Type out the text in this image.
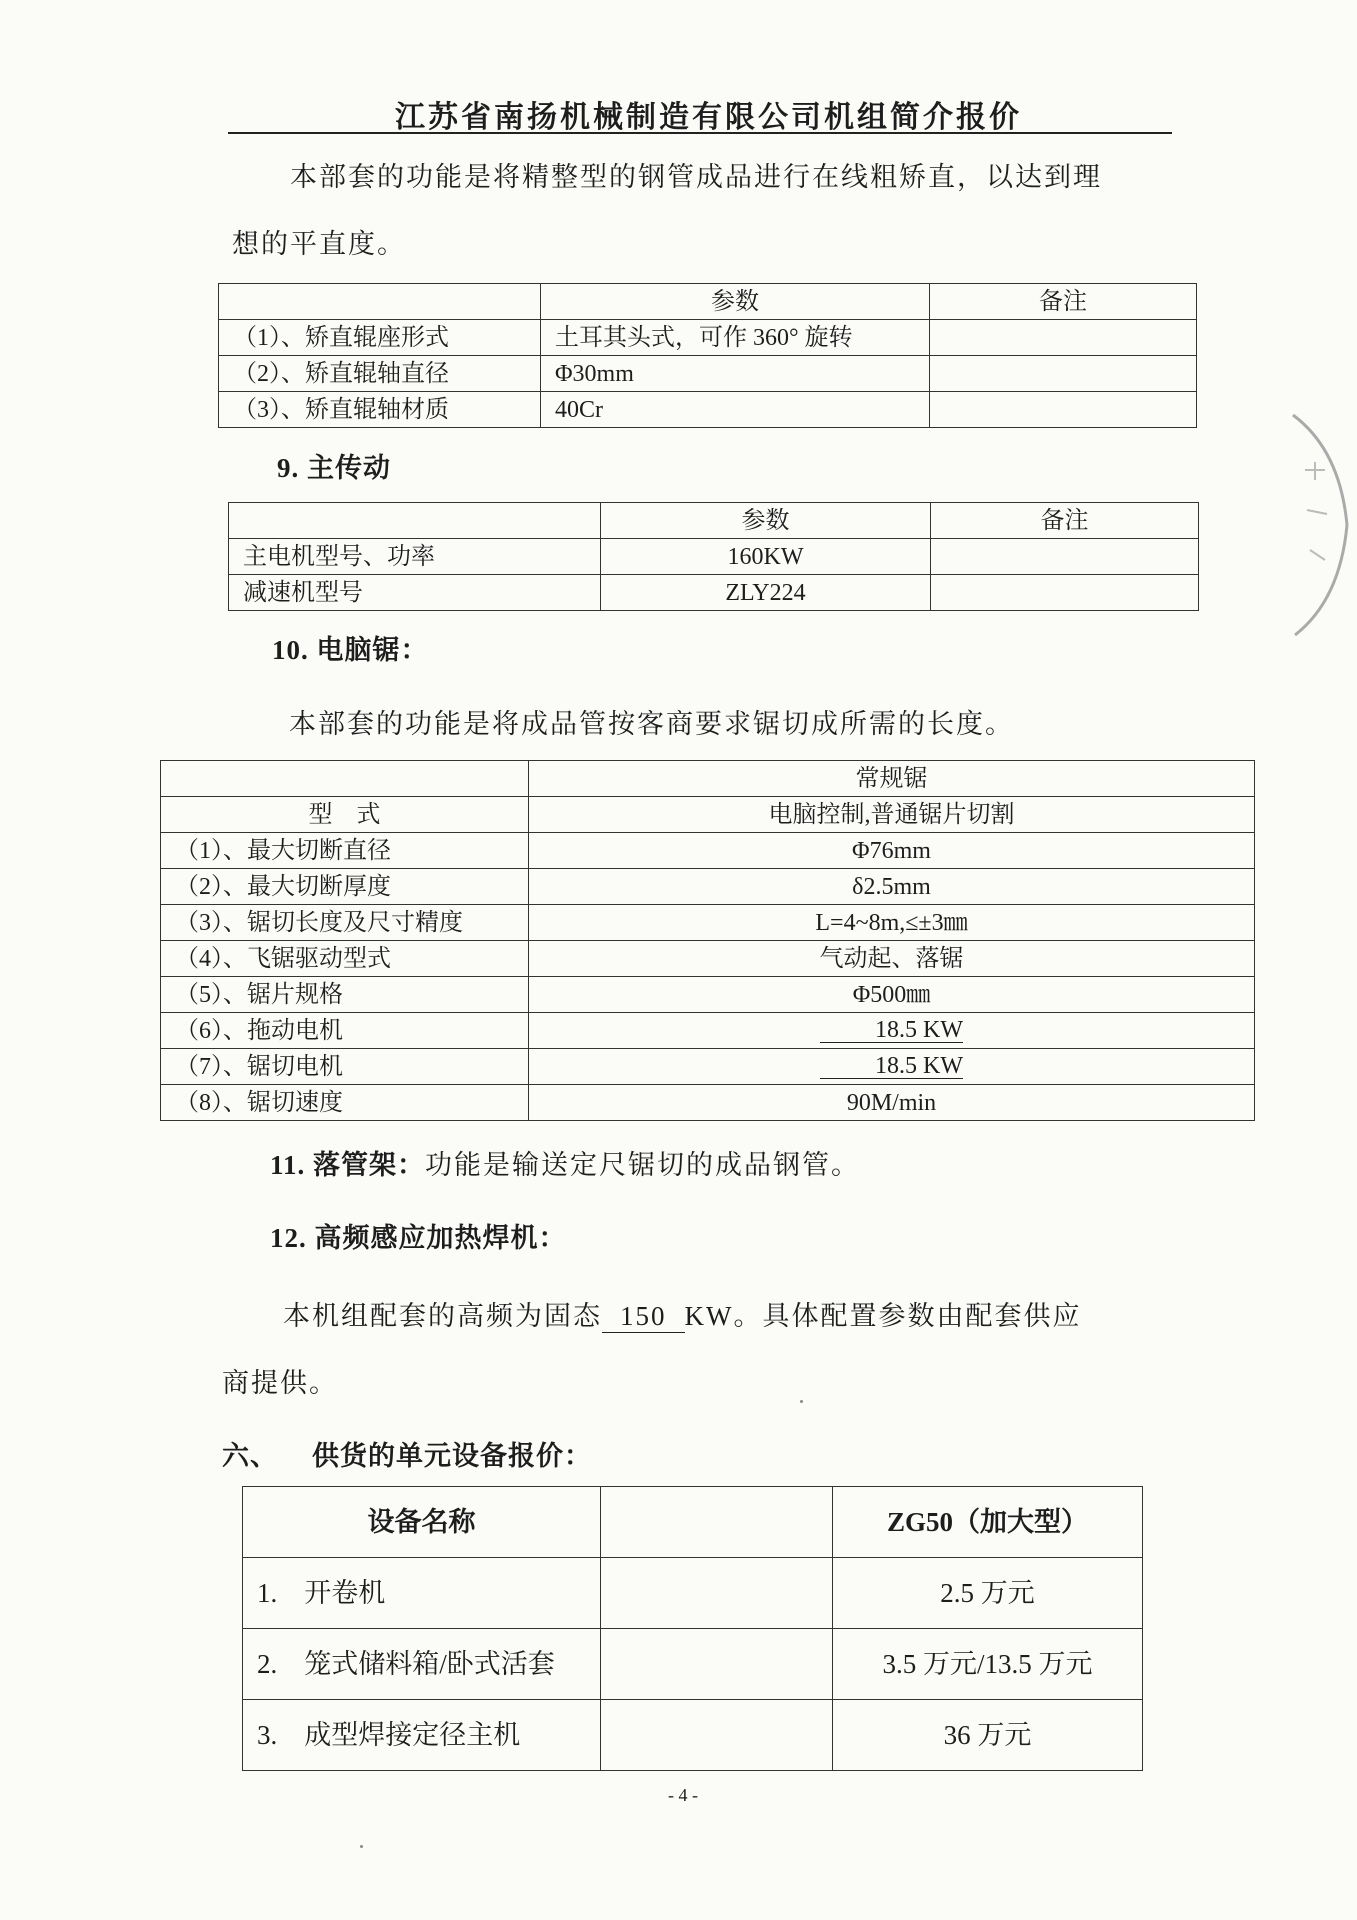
江苏省南扬机械制造有限公司机组简介报价
本部套的功能是将精整型的钢管成品进行在线粗矫直，以达到理
想的平直度。
	参数	备注
（1）、矫直辊座形式	土耳其头式，可作 360° 旋转	
（2）、矫直辊轴直径	Φ30mm	
（3）、矫直辊轴材质	40Cr	
9. 主传动
	参数	备注
主电机型号、功率	160KW	
减速机型号	ZLY224	
10. 电脑锯：
本部套的功能是将成品管按客商要求锯切成所需的长度。
	常规锯
型　式	电脑控制,普通锯片切割
（1）、最大切断直径	Φ76mm
（2）、最大切断厚度	δ2.5mm
（3）、锯切长度及尺寸精度	L=4~8m,≤±3㎜
（4）、飞锯驱动型式	气动起、落锯
（5）、锯片规格	Φ500㎜
（6）、拖动电机	18.5 KW
（7）、锯切电机	18.5 KW
（8）、锯切速度	90M/min
11. 落管架：功能是输送定尺锯切的成品钢管。
12. 高频感应加热焊机：
本机组配套的高频为固态 150 KW。具体配置参数由配套供应
商提供。
六、 供货的单元设备报价：
设备名称		ZG50（加大型）
1.　开卷机		2.5 万元
2.　笼式储料箱/卧式活套		3.5 万元/13.5 万元
3.　成型焊接定径主机		36 万元
- 4 -
